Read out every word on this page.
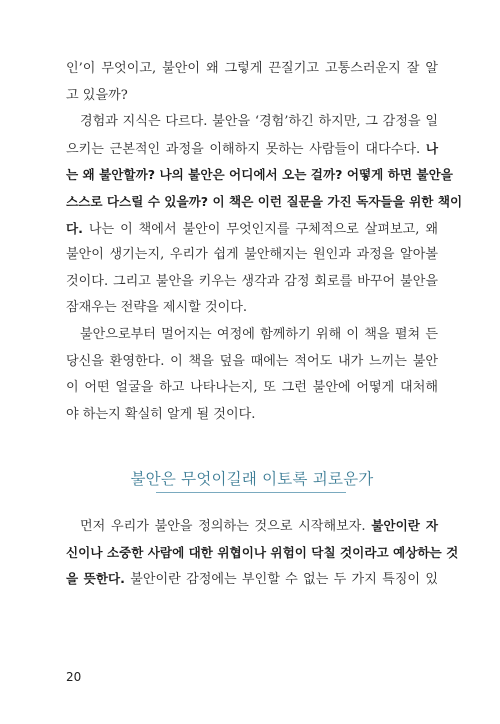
인’이 무엇이고, 불안이 왜 그렇게 끈질기고 고통스러운지 잘 알
고 있을까?
경험과 지식은 다르다. 불안을 ‘경험’하긴 하지만, 그 감정을 일
으키는 근본적인 과정을 이해하지 못하는 사람들이 대다수다. 나
는 왜 불안할까? 나의 불안은 어디에서 오는 걸까? 어떻게 하면 불안을
스스로 다스릴 수 있을까? 이 책은 이런 질문을 가진 독자들을 위한 책이
다. 나는 이 책에서 불안이 무엇인지를 구체적으로 살펴보고, 왜
불안이 생기는지, 우리가 쉽게 불안해지는 원인과 과정을 알아볼
것이다. 그리고 불안을 키우는 생각과 감정 회로를 바꾸어 불안을
잠재우는 전략을 제시할 것이다.
불안으로부터 멀어지는 여정에 함께하기 위해 이 책을 펼쳐 든
당신을 환영한다. 이 책을 덮을 때에는 적어도 내가 느끼는 불안
이 어떤 얼굴을 하고 나타나는지, 또 그런 불안에 어떻게 대처해
야 하는지 확실히 알게 될 것이다.
불안은 무엇이길래 이토록 괴로운가
먼저 우리가 불안을 정의하는 것으로 시작해보자. 불안이란 자
신이나 소중한 사람에 대한 위협이나 위험이 닥칠 것이라고 예상하는 것
을 뜻한다. 불안이란 감정에는 부인할 수 없는 두 가지 특징이 있
20
